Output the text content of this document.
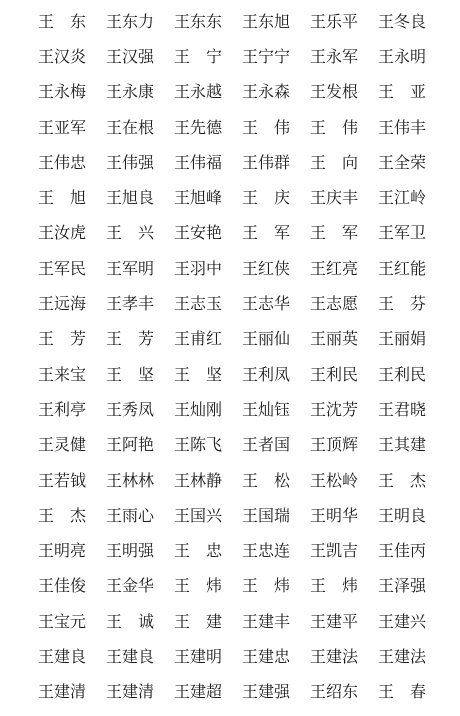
王　东	王东力	王东东	王东旭	王乐平	王冬良
王汉炎	王汉强	王　宁	王宁宁	王永军	王永明
王永梅	王永康	王永越	王永森	王发根	王　亚
王亚军	王在根	王先德	王　伟	王　伟	王伟丰
王伟忠	王伟强	王伟福	王伟群	王　向	王全荣
王　旭	王旭良	王旭峰	王　庆	王庆丰	王江岭
王汝虎	王　兴	王安艳	王　军	王　军	王军卫
王军民	王军明	王羽中	王红侠	王红亮	王红能
王远海	王孝丰	王志玉	王志华	王志愿	王　芬
王　芳	王　芳	王甫红	王丽仙	王丽英	王丽娟
王来宝	王　坚	王　坚	王利凤	王利民	王利民
王利亭	王秀凤	王灿刚	王灿钰	王沈芳	王君晓
王灵健	王阿艳	王陈飞	王者国	王顶辉	王其建
王若钺	王林林	王林静	王　松	王松岭	王　杰
王　杰	王雨心	王国兴	王国瑞	王明华	王明良
王明亮	王明强	王　忠	王忠连	王凯吉	王佳丙
王佳俊	王金华	王　炜	王　炜	王　炜	王泽强
王宝元	王　诚	王　建	王建丰	王建平	王建兴
王建良	王建良	王建明	王建忠	王建法	王建法
王建清	王建清	王建超	王建强	王绍东	王　春
